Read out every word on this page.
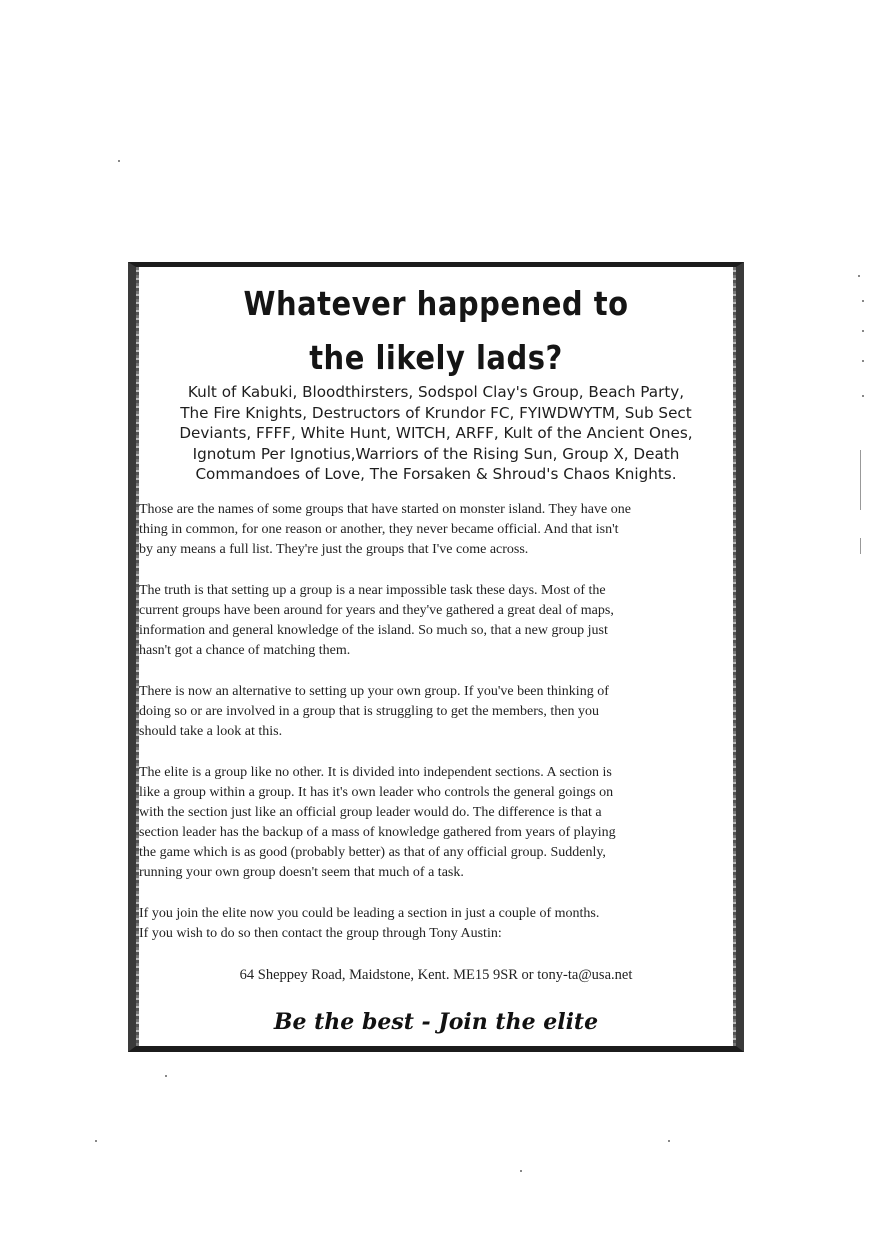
Whatever happened to
the likely lads?
Kult of Kabuki, Bloodthirsters, Sodspol Clay's Group, Beach Party,
The Fire Knights, Destructors of Krundor FC, FYIWDWYTM, Sub Sect
Deviants, FFFF, White Hunt, WITCH, ARFF, Kult of the Ancient Ones,
Ignotum Per Ignotius,Warriors of the Rising Sun, Group X, Death
Commandoes of Love, The Forsaken & Shroud's Chaos Knights.
Those are the names of some groups that have started on monster island. They have one
thing in common, for one reason or another, they never became official. And that isn't
by any means a full list. They're just the groups that I've come across.
The truth is that setting up a group is a near impossible task these days. Most of the
current groups have been around for years and they've gathered a great deal of maps,
information and general knowledge of the island. So much so, that a new group just
hasn't got a chance of matching them.
There is now an alternative to setting up your own group. If you've been thinking of
doing so or are involved in a group that is struggling to get the members, then you
should take a look at this.
The elite is a group like no other. It is divided into independent sections. A section is
like a group within a group. It has it's own leader who controls the general goings on
with the section just like an official group leader would do. The difference is that a
section leader has the backup of a mass of knowledge gathered from years of playing
the game which is as good (probably better) as that of any official group. Suddenly,
running your own group doesn't seem that much of a task.
If you join the elite now you could be leading a section in just a couple of months.
If you wish to do so then contact the group through Tony Austin:
64 Sheppey Road, Maidstone, Kent. ME15 9SR or tony-ta@usa.net
Be the best - Join the elite
